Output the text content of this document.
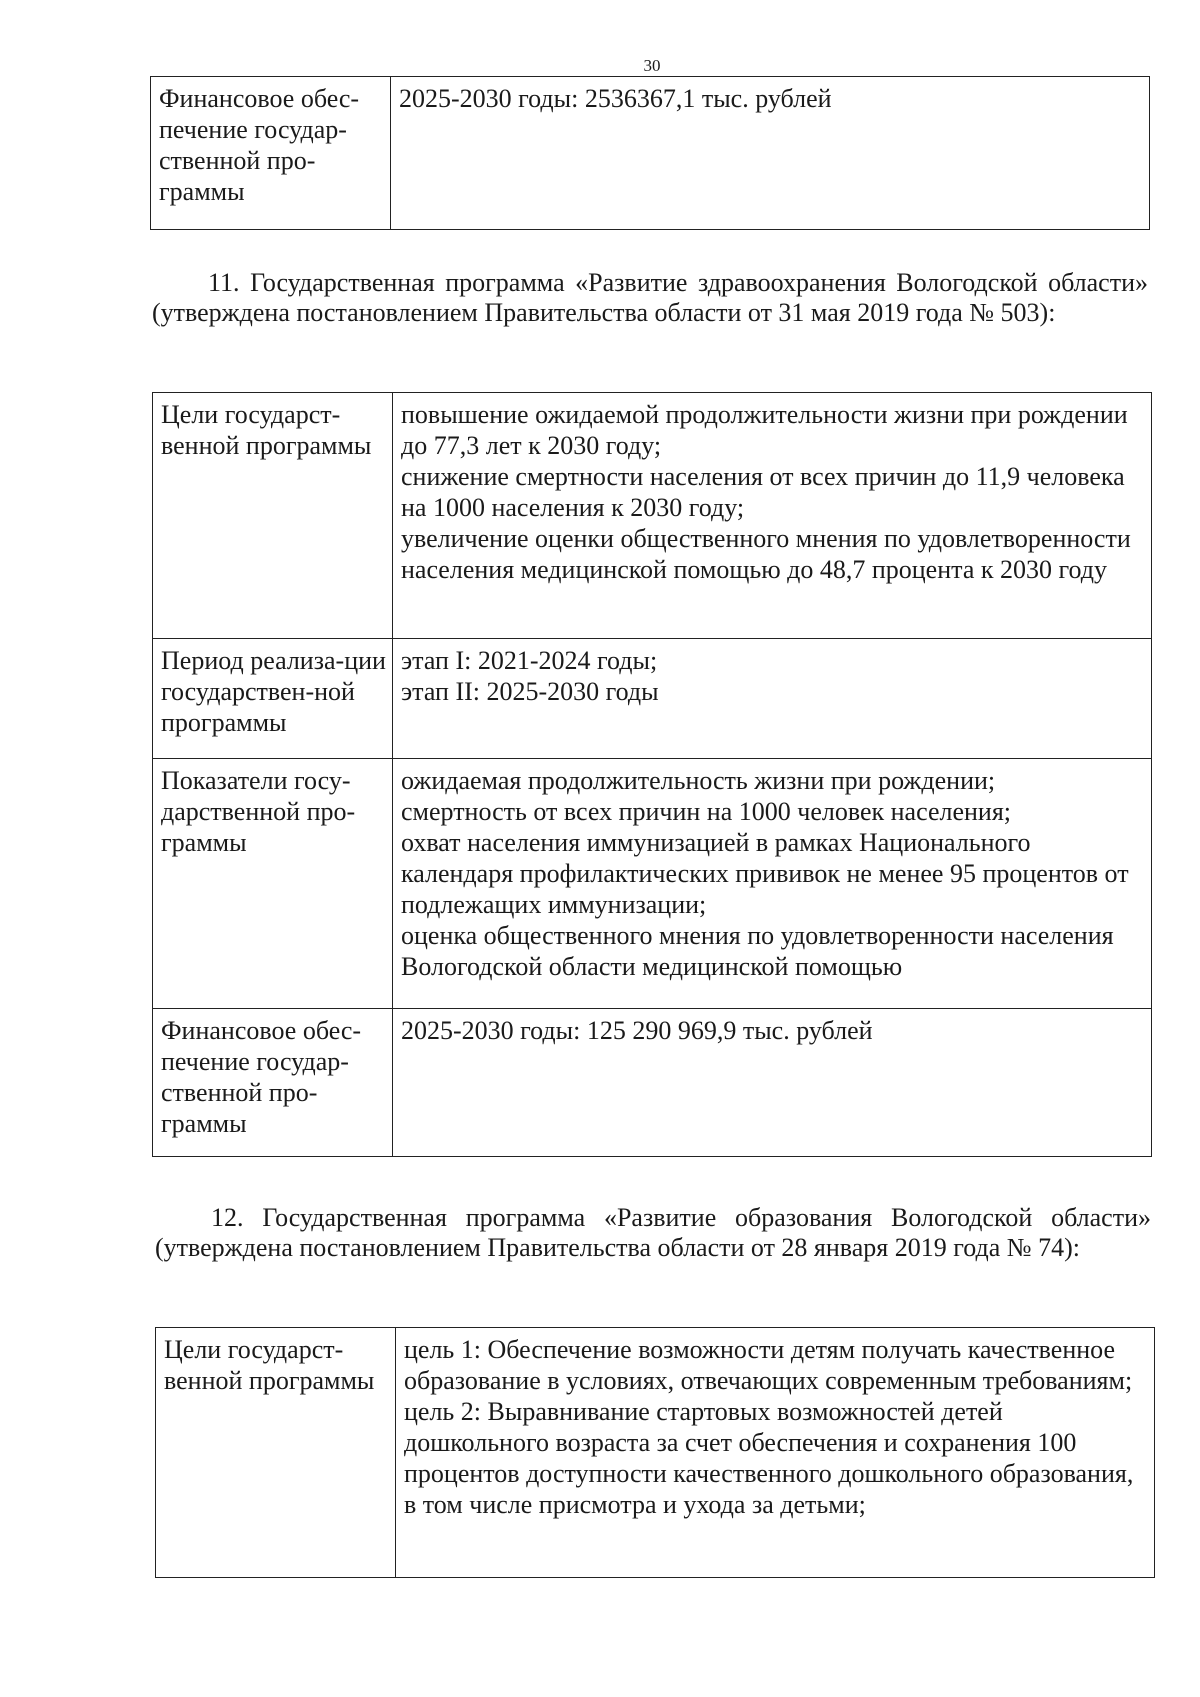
30
Финансовое обес-печение государ-ственной про-граммы	2025-2030 годы: 2536367,1 тыс. рублей
11. Государственная программа «Развитие здравоохранения Вологодской области» (утверждена постановлением Правительства области от 31 мая 2019 года № 503):
Цели государст-венной программы	повышение ожидаемой продолжительности жизни при рождении до 77,3 лет к 2030 году;
снижение смертности населения от всех причин до 11,9 человека на 1000 населения к 2030 году;
увеличение оценки общественного мнения по удовлетворенности населения медицинской помощью до 48,7 процента к 2030 году
Период реализа-ции государствен-ной программы	этап I: 2021-2024 годы;
этап II: 2025-2030 годы
Показатели госу-дарственной про-граммы	ожидаемая продолжительность жизни при рождении;
смертность от всех причин на 1000 человек населения;
охват населения иммунизацией в рамках Национального календаря профилактических прививок не менее 95 процентов от подлежащих иммунизации;
оценка общественного мнения по удовлетворенности населения Вологодской области медицинской помощью
Финансовое обес-печение государ-ственной про-граммы	2025-2030 годы: 125 290 969,9 тыс. рублей
12. Государственная программа «Развитие образования Вологодской области» (утверждена постановлением Правительства области от 28 января 2019 года № 74):
Цели государст-венной программы	цель 1: Обеспечение возможности детям получать качественное образование в условиях, отвечающих современным требованиям;
цель 2: Выравнивание стартовых возможностей детей дошкольного возраста за счет обеспечения и сохранения 100 процентов доступности качественного дошкольного образования, в том числе присмотра и ухода за детьми;
